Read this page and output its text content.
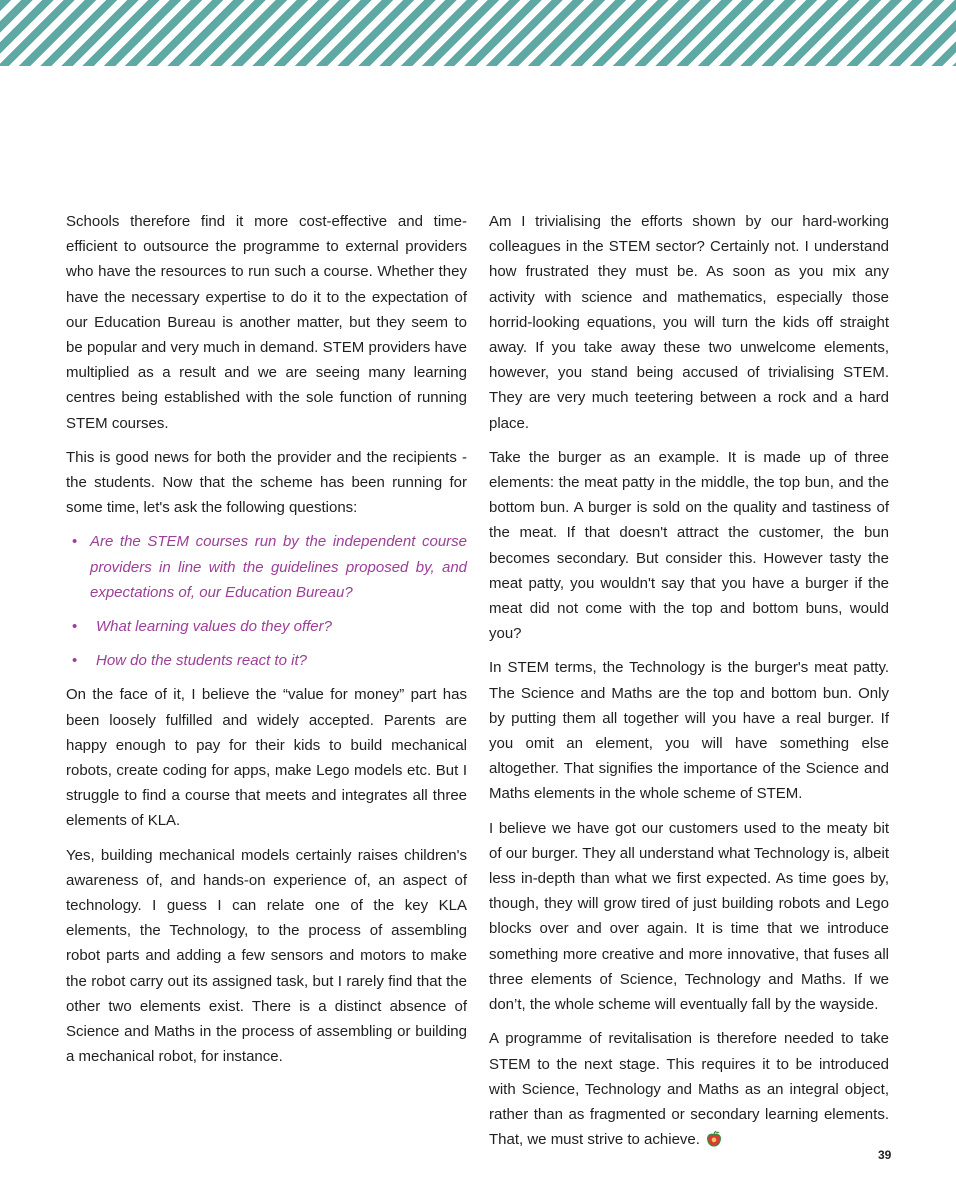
Schools therefore find it more cost-effective and time-efficient to outsource the programme to external providers who have the resources to run such a course. Whether they have the necessary expertise to do it to the expectation of our Education Bureau is another matter, but they seem to be popular and very much in demand. STEM providers have multiplied as a result and we are seeing many learning centres being established with the sole function of running STEM courses.

This is good news for both the provider and the recipients - the students. Now that the scheme has been running for some time, let's ask the following questions:

• Are the STEM courses run by the independent course providers in line with the guidelines proposed by, and expectations of, our Education Bureau?
•	What learning values do they offer?
•	How do the students react to it?

On the face of it, I believe the “value for money” part has been loosely fulfilled and widely accepted. Parents are happy enough to pay for their kids to build mechanical robots, create coding for apps, make Lego models etc. But I struggle to find a course that meets and integrates all three elements of KLA.

Yes, building mechanical models certainly raises children's awareness of, and hands-on experience of, an aspect of technology. I guess I can relate one of the key KLA elements, the Technology, to the process of assembling robot parts and adding a few sensors and motors to make the robot carry out its assigned task, but I rarely find that the other two elements exist. There is a distinct absence of Science and Maths in the process of assembling or building a mechanical robot, for instance.

Am I trivialising the efforts shown by our hard-working colleagues in the STEM sector? Certainly not. I understand how frustrated they must be. As soon as you mix any activity with science and mathematics, especially those horrid-looking equations, you will turn the kids off straight away. If you take away these two unwelcome elements, however, you stand being accused of trivialising STEM. They are very much teetering between a rock and a hard place.

Take the burger as an example. It is made up of three elements: the meat patty in the middle, the top bun, and the bottom bun. A burger is sold on the quality and tastiness of the meat. If that doesn't attract the customer, the bun becomes secondary. But consider this. However tasty the meat patty, you wouldn't say that you have a burger if the meat did not come with the top and bottom buns, would you?

In STEM terms, the Technology is the burger's meat patty. The Science and Maths are the top and bottom bun. Only by putting them all together will you have a real burger. If you omit an element, you will have something else altogether. That signifies the importance of the Science and Maths elements in the whole scheme of STEM.

I believe we have got our customers used to the meaty bit of our burger. They all understand what Technology is, albeit less in-depth than what we first expected. As time goes by, though, they will grow tired of just building robots and Lego blocks over and over again. It is time that we introduce something more creative and more innovative, that fuses all three elements of Science, Technology and Maths. If we don’t, the whole scheme will eventually fall by the wayside.

A programme of revitalisation is therefore needed to take STEM to the next stage. This requires it to be introduced with Science, Technology and Maths as an integral object, rather than as fragmented or secondary learning elements. That, we must strive to achieve.

39
